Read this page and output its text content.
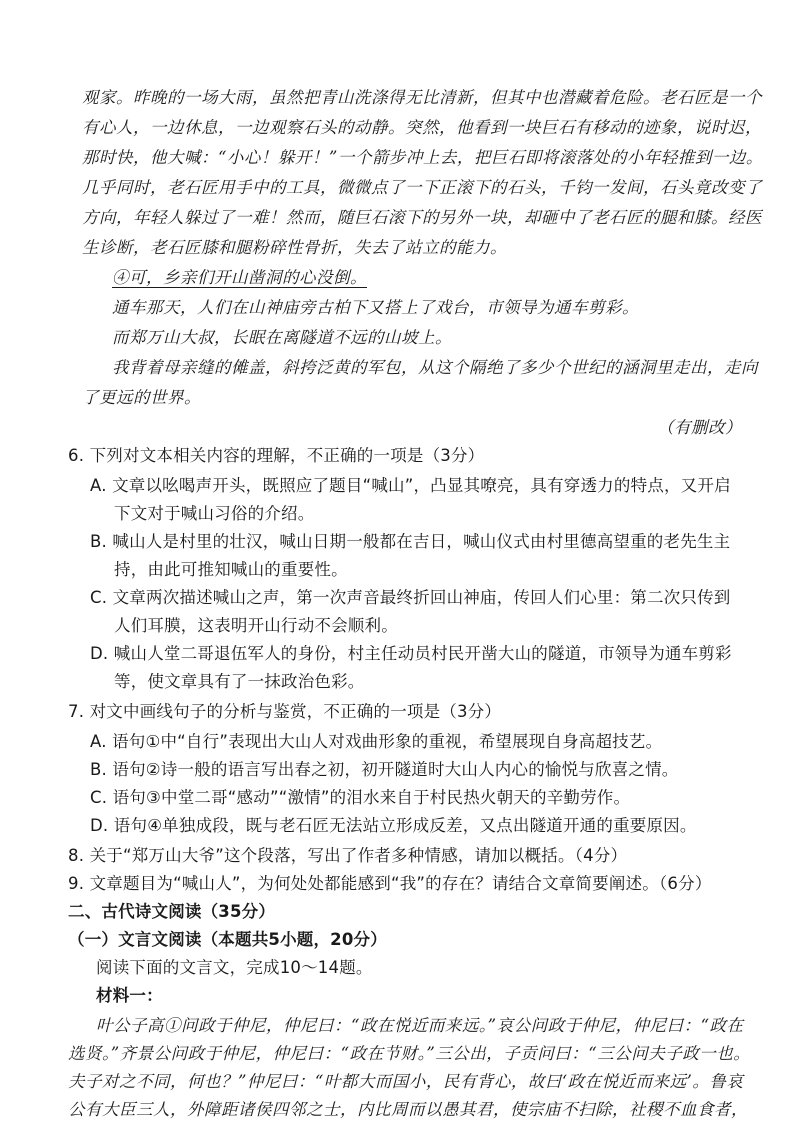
观家。昨晚的一场大雨，虽然把青山洗涤得无比清新，但其中也潜藏着危险。老石匠是一个
有心人，一边休息，一边观察石头的动静。突然，他看到一块巨石有移动的迹象，说时迟，
那时快，他大喊：“小心！躲开！”一个箭步冲上去，把巨石即将滚落处的小年轻推到一边。
几乎同时，老石匠用手中的工具，微微点了一下正滚下的石头，千钧一发间，石头竟改变了
方向，年轻人躲过了一难！然而，随巨石滚下的另外一块，却砸中了老石匠的腿和膝。经医
生诊断，老石匠膝和腿粉碎性骨折，失去了站立的能力。
④可，乡亲们开山凿洞的心没倒。
通车那天，人们在山神庙旁古柏下又搭上了戏台，市领导为通车剪彩。
而郑万山大叔，长眠在离隧道不远的山坡上。
我背着母亲缝的傩盖，斜挎泛黄的军包，从这个隔绝了多少个世纪的涵洞里走出，走向
了更远的世界。
（有删改）
6. 下列对文本相关内容的理解，不正确的一项是（3分）
A. 文章以吆喝声开头，既照应了题目“喊山”，凸显其嘹亮，具有穿透力的特点，又开启
下文对于喊山习俗的介绍。
B. 喊山人是村里的壮汉，喊山日期一般都在吉日，喊山仪式由村里德高望重的老先生主
持，由此可推知喊山的重要性。
C. 文章两次描述喊山之声，第一次声音最终折回山神庙，传回人们心里：第二次只传到
人们耳膜，这表明开山行动不会顺利。
D. 喊山人堂二哥退伍军人的身份，村主任动员村民开凿大山的隧道，市领导为通车剪彩
等，使文章具有了一抹政治色彩。
7. 对文中画线句子的分析与鉴赏，不正确的一项是（3分）
A. 语句①中“自行”表现出大山人对戏曲形象的重视，希望展现自身高超技艺。
B. 语句②诗一般的语言写出春之初，初开隧道时大山人内心的愉悦与欣喜之情。
C. 语句③中堂二哥“感动”“激情”的泪水来自于村民热火朝天的辛勤劳作。
D. 语句④单独成段，既与老石匠无法站立形成反差，又点出隧道开通的重要原因。
8. 关于“郑万山大爷”这个段落，写出了作者多种情感，请加以概括。（4分）
9. 文章题目为“喊山人”，为何处处都能感到“我”的存在？请结合文章简要阐述。（6分）
二、古代诗文阅读（35分）
（一）文言文阅读（本题共5小题，20分）
阅读下面的文言文，完成10～14题。
材料一：
叶公子高①问政于仲尼，仲尼曰：“政在悦近而来远。”哀公问政于仲尼，仲尼曰：“政在
选贤。”齐景公问政于仲尼，仲尼曰：“政在节财。”三公出，子贡问曰：“三公问夫子政一也。
夫子对之不同，何也？”仲尼曰：“叶都大而国小，民有背心，故曰‘政在悦近而来远’。鲁哀
公有大臣三人，外障距诸侯四邻之士，内比周而以愚其君，使宗庙不扫除，社稷不血食者，
